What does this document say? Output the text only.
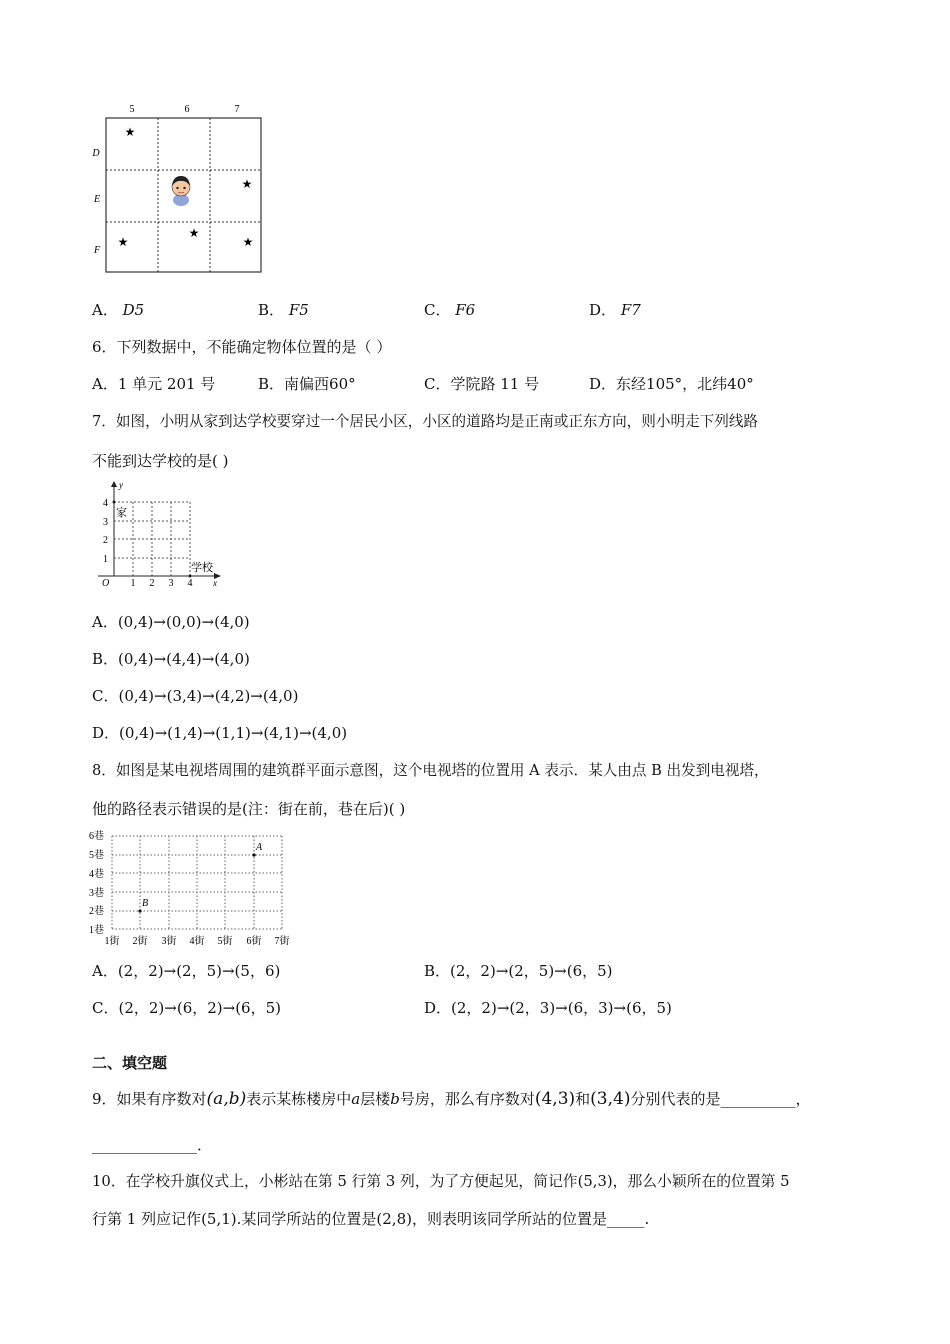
5	6	7
D
E
F
★
★
★
★
★
A． D5	B． F5	C． F6	D． F7
6．下列数据中，不能确定物体位置的是（ ）
A．1 单元 201 号	B．南偏西60°	C．学院路 11 号	D．东经105°，北纬40°
7．如图，小明从家到达学校要穿过一个居民小区，小区的道路均是正南或正东方向，则小明走下列线路
不能到达学校的是( )
y
x
O 1 2 3 4
1
2
3
4
家
学校
A．(0,4)→(0,0)→(4,0)
B．(0,4)→(4,4)→(4,0)
C．(0,4)→(3,4)→(4,2)→(4,0)
D．(0,4)→(1,4)→(1,1)→(4,1)→(4,0)
8．如图是某电视塔周围的建筑群平面示意图，这个电视塔的位置用 A 表示．某人由点 B 出发到电视塔，
他的路径表示错误的是(注：街在前，巷在后)( )
1巷
2巷
3巷
4巷
5巷
6巷
1街 2街 3街 4街 5街 6街 7街
A
B
A．(2，2)→(2，5)→(5，6)	B．(2，2)→(2，5)→(6，5)
C．(2，2)→(6，2)→(6，5)	D．(2，2)→(2，3)→(6，3)→(6，5)
二、填空题
9．如果有序数对(a,b)表示某栋楼房中a层楼b号房，那么有序数对(4,3)和(3,4)分别代表的是__________，
______________．
10．在学校升旗仪式上，小彬站在第 5 行第 3 列，为了方便起见，简记作(5,3)，那么小颖所在的位置第 5
行第 1 列应记作(5,1).某同学所站的位置是(2,8)，则表明该同学所站的位置是_____.
